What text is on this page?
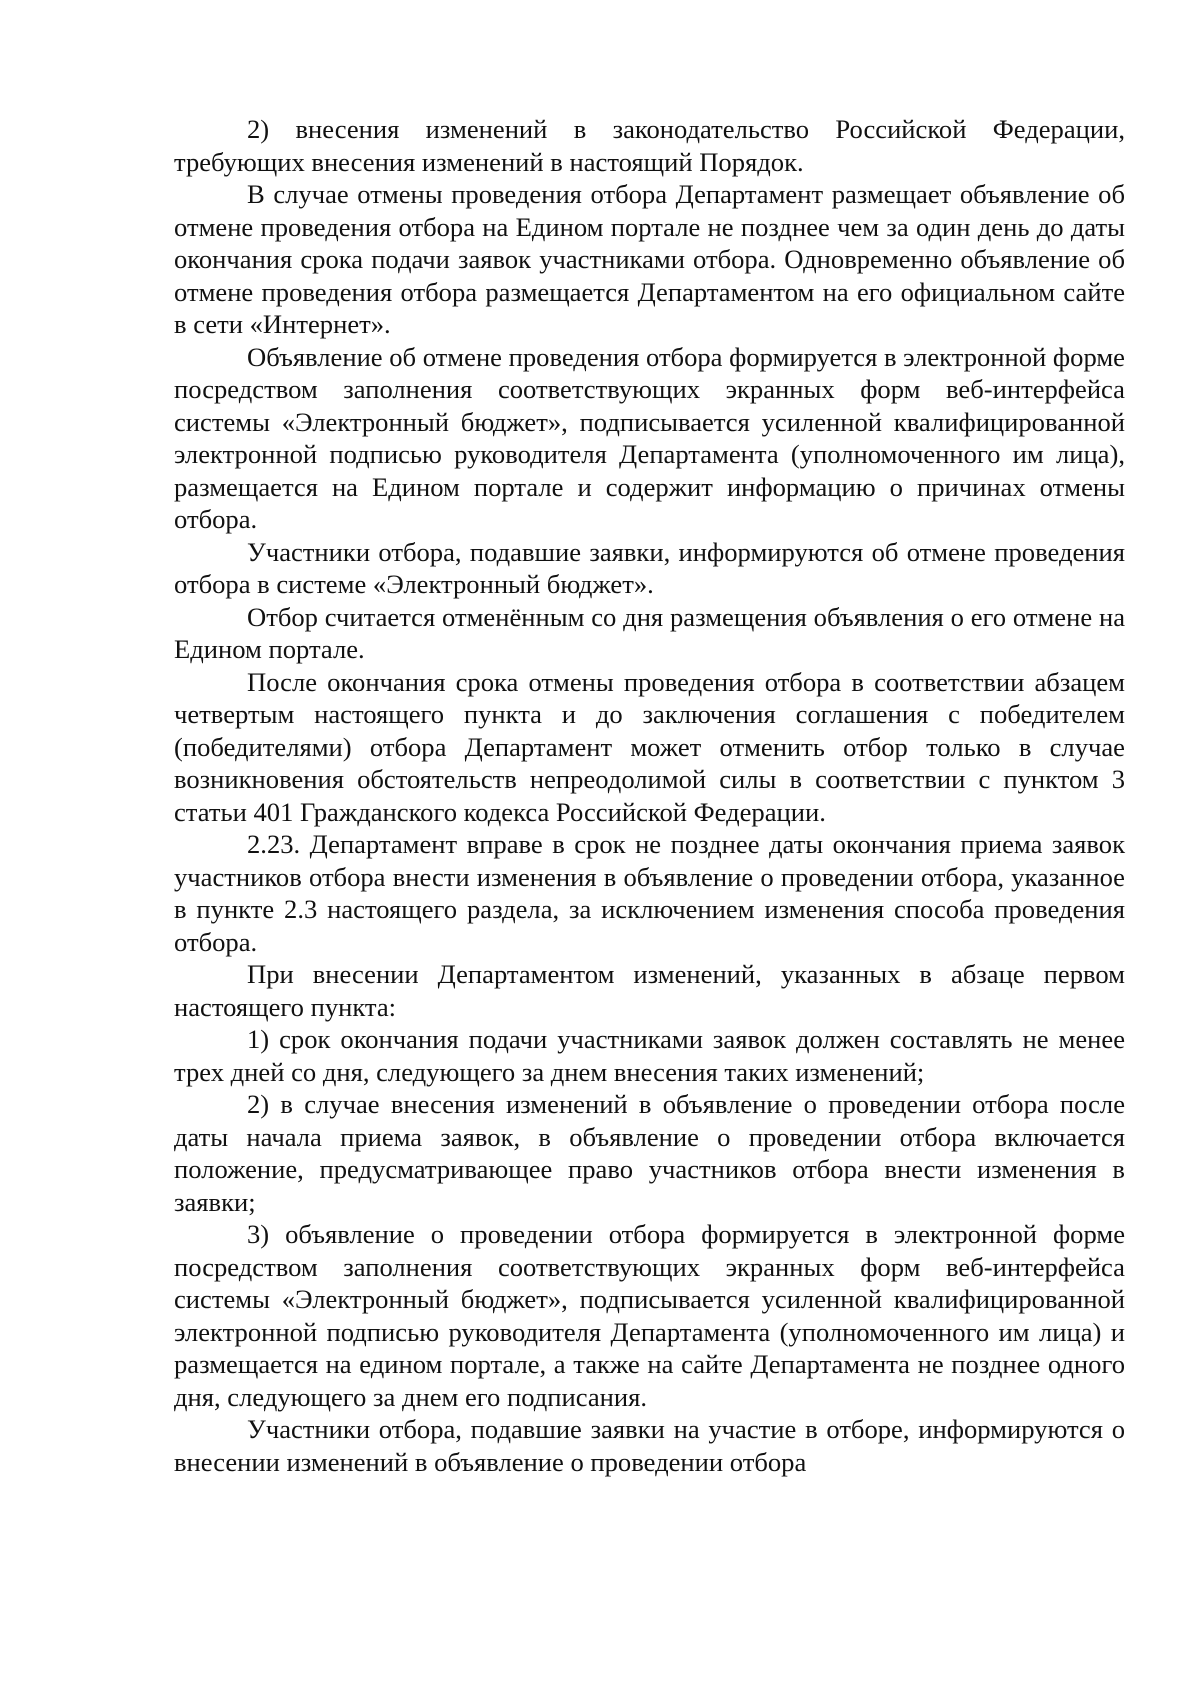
2) внесения изменений в законодательство Российской Федерации, требующих внесения изменений в настоящий Порядок.

В случае отмены проведения отбора Департамент размещает объявление об отмене проведения отбора на Едином портале не позднее чем за один день до даты окончания срока подачи заявок участниками отбора. Одновременно объявление об отмене проведения отбора размещается Департаментом на его официальном сайте в сети «Интернет».

Объявление об отмене проведения отбора формируется в электронной форме посредством заполнения соответствующих экранных форм веб-интерфейса системы «Электронный бюджет», подписывается усиленной квалифицированной электронной подписью руководителя Департамента (уполномоченного им лица), размещается на Едином портале и содержит информацию о причинах отмены отбора.

Участники отбора, подавшие заявки, информируются об отмене проведения отбора в системе «Электронный бюджет».

Отбор считается отменённым со дня размещения объявления о его отмене на Едином портале.

После окончания срока отмены проведения отбора в соответствии абзацем четвертым настоящего пункта и до заключения соглашения с победителем (победителями) отбора Департамент может отменить отбор только в случае возникновения обстоятельств непреодолимой силы в соответствии с пунктом 3 статьи 401 Гражданского кодекса Российской Федерации.

2.23. Департамент вправе в срок не позднее даты окончания приема заявок участников отбора внести изменения в объявление о проведении отбора, указанное в пункте 2.3 настоящего раздела, за исключением изменения способа проведения отбора.

При внесении Департаментом изменений, указанных в абзаце первом настоящего пункта:

1) срок окончания подачи участниками заявок должен составлять не менее трех дней со дня, следующего за днем внесения таких изменений;

2) в случае внесения изменений в объявление о проведении отбора после даты начала приема заявок, в объявление о проведении отбора включается положение, предусматривающее право участников отбора внести изменения в заявки;

3) объявление о проведении отбора формируется в электронной форме посредством заполнения соответствующих экранных форм веб-интерфейса системы «Электронный бюджет», подписывается усиленной квалифицированной электронной подписью руководителя Департамента (уполномоченного им лица) и размещается на едином портале, а также на сайте Департамента не позднее одного дня, следующего за днем его подписания.

Участники отбора, подавшие заявки на участие в отборе, информируются о внесении изменений в объявление о проведении отбора
